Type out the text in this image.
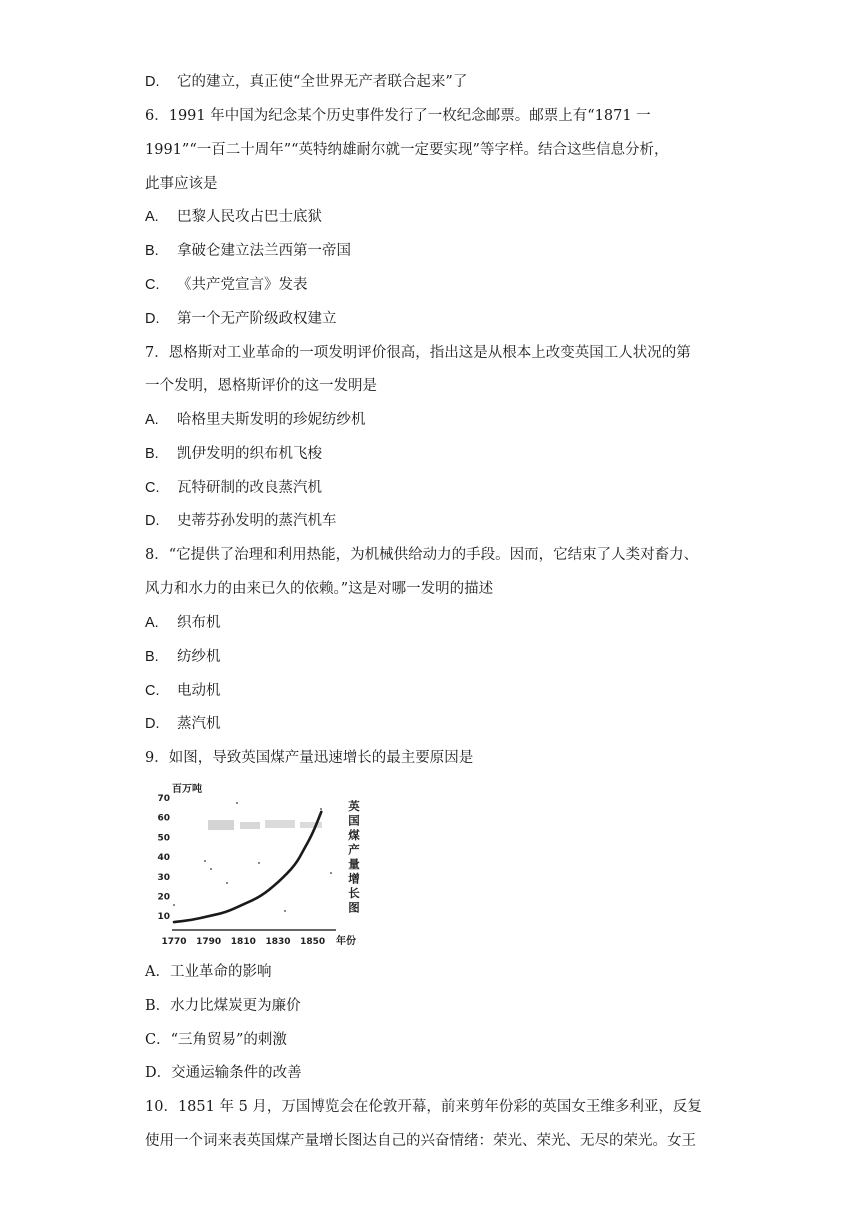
D. 它的建立，真正使“全世界无产者联合起来”了
6．1991 年中国为纪念某个历史事件发行了一枚纪念邮票。邮票上有“1871 一
1991”“一百二十周年”“英特纳雄耐尔就一定要实现”等字样。结合这些信息分析，
此事应该是
A. 巴黎人民攻占巴士底狱
B. 拿破仑建立法兰西第一帝国
C. 《共产党宣言》发表
D. 第一个无产阶级政权建立
7．恩格斯对工业革命的一项发明评价很高，指出这是从根本上改变英国工人状况的第
一个发明，恩格斯评价的这一发明是
A. 哈格里夫斯发明的珍妮纺纱机
B. 凯伊发明的织布机飞梭
C. 瓦特研制的改良蒸汽机
D. 史蒂芬孙发明的蒸汽机车
8．“它提供了治理和利用热能，为机械供给动力的手段。因而，它结束了人类对畜力、
风力和水力的由来已久的依赖。”这是对哪一发明的描述
A. 织布机
B. 纺纱机
C. 电动机
D. 蒸汽机
9．如图，导致英国煤产量迅速增长的最主要原因是
10
20
30
40
50
60
70
1770 1790 1810 1830 1850
百万吨
年份
英
国
煤
产
量
增
长
图
A．工业革命的影响
B．水力比煤炭更为廉价
C．“三角贸易”的刺激
D．交通运输条件的改善
10．1851 年 5 月，万国博览会在伦敦开幕，前来剪年份彩的英国女王维多利亚，反复
使用一个词来表英国煤产量增长图达自己的兴奋情绪：荣光、荣光、无尽的荣光。女王
